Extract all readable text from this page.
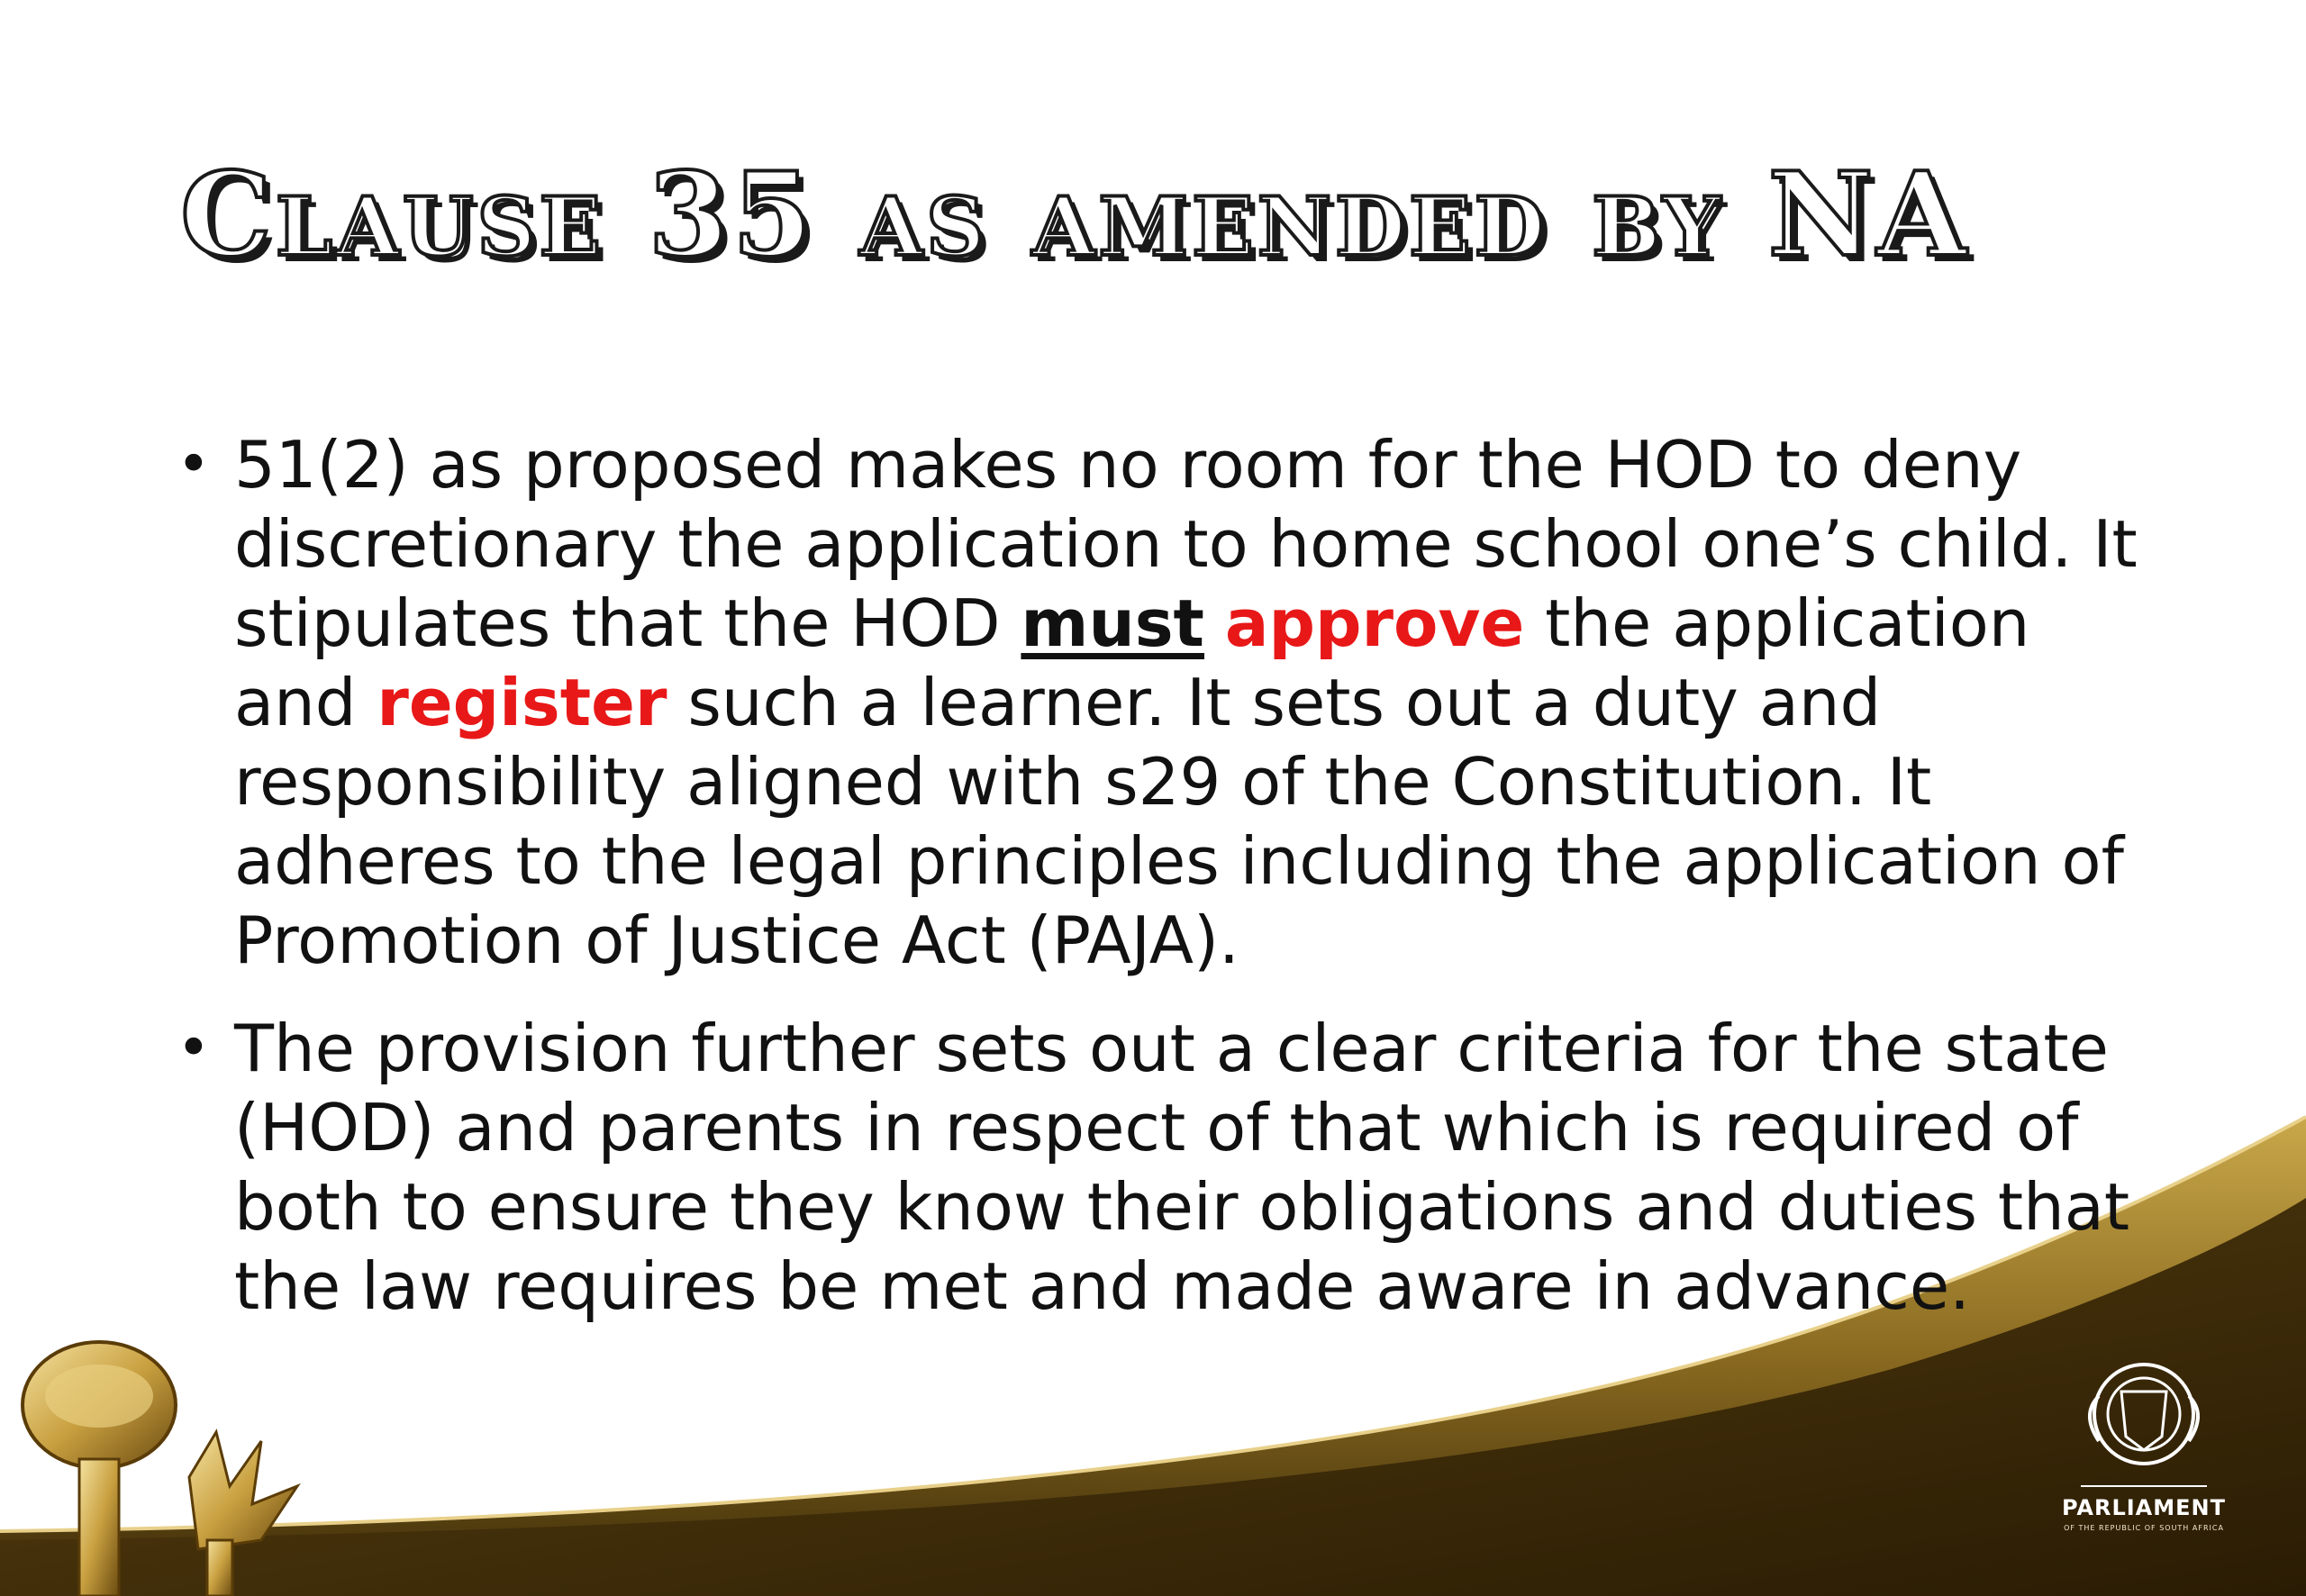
Clause 35 as amended by NA
• 51(2) as proposed makes no room for the HOD to deny discretionary the application to home school one’s child. It stipulates that the HOD must approve the application and register such a learner. It sets out a duty and responsibility aligned with s29 of the Constitution. It adheres to the legal principles including the application of Promotion of Justice Act (PAJA).
• The provision further sets out a clear criteria for the state (HOD) and parents in respect of that which is required of both to ensure they know their obligations and duties that the law requires be met and made aware in advance.
PARLIAMENT
OF THE REPUBLIC OF SOUTH AFRICA
